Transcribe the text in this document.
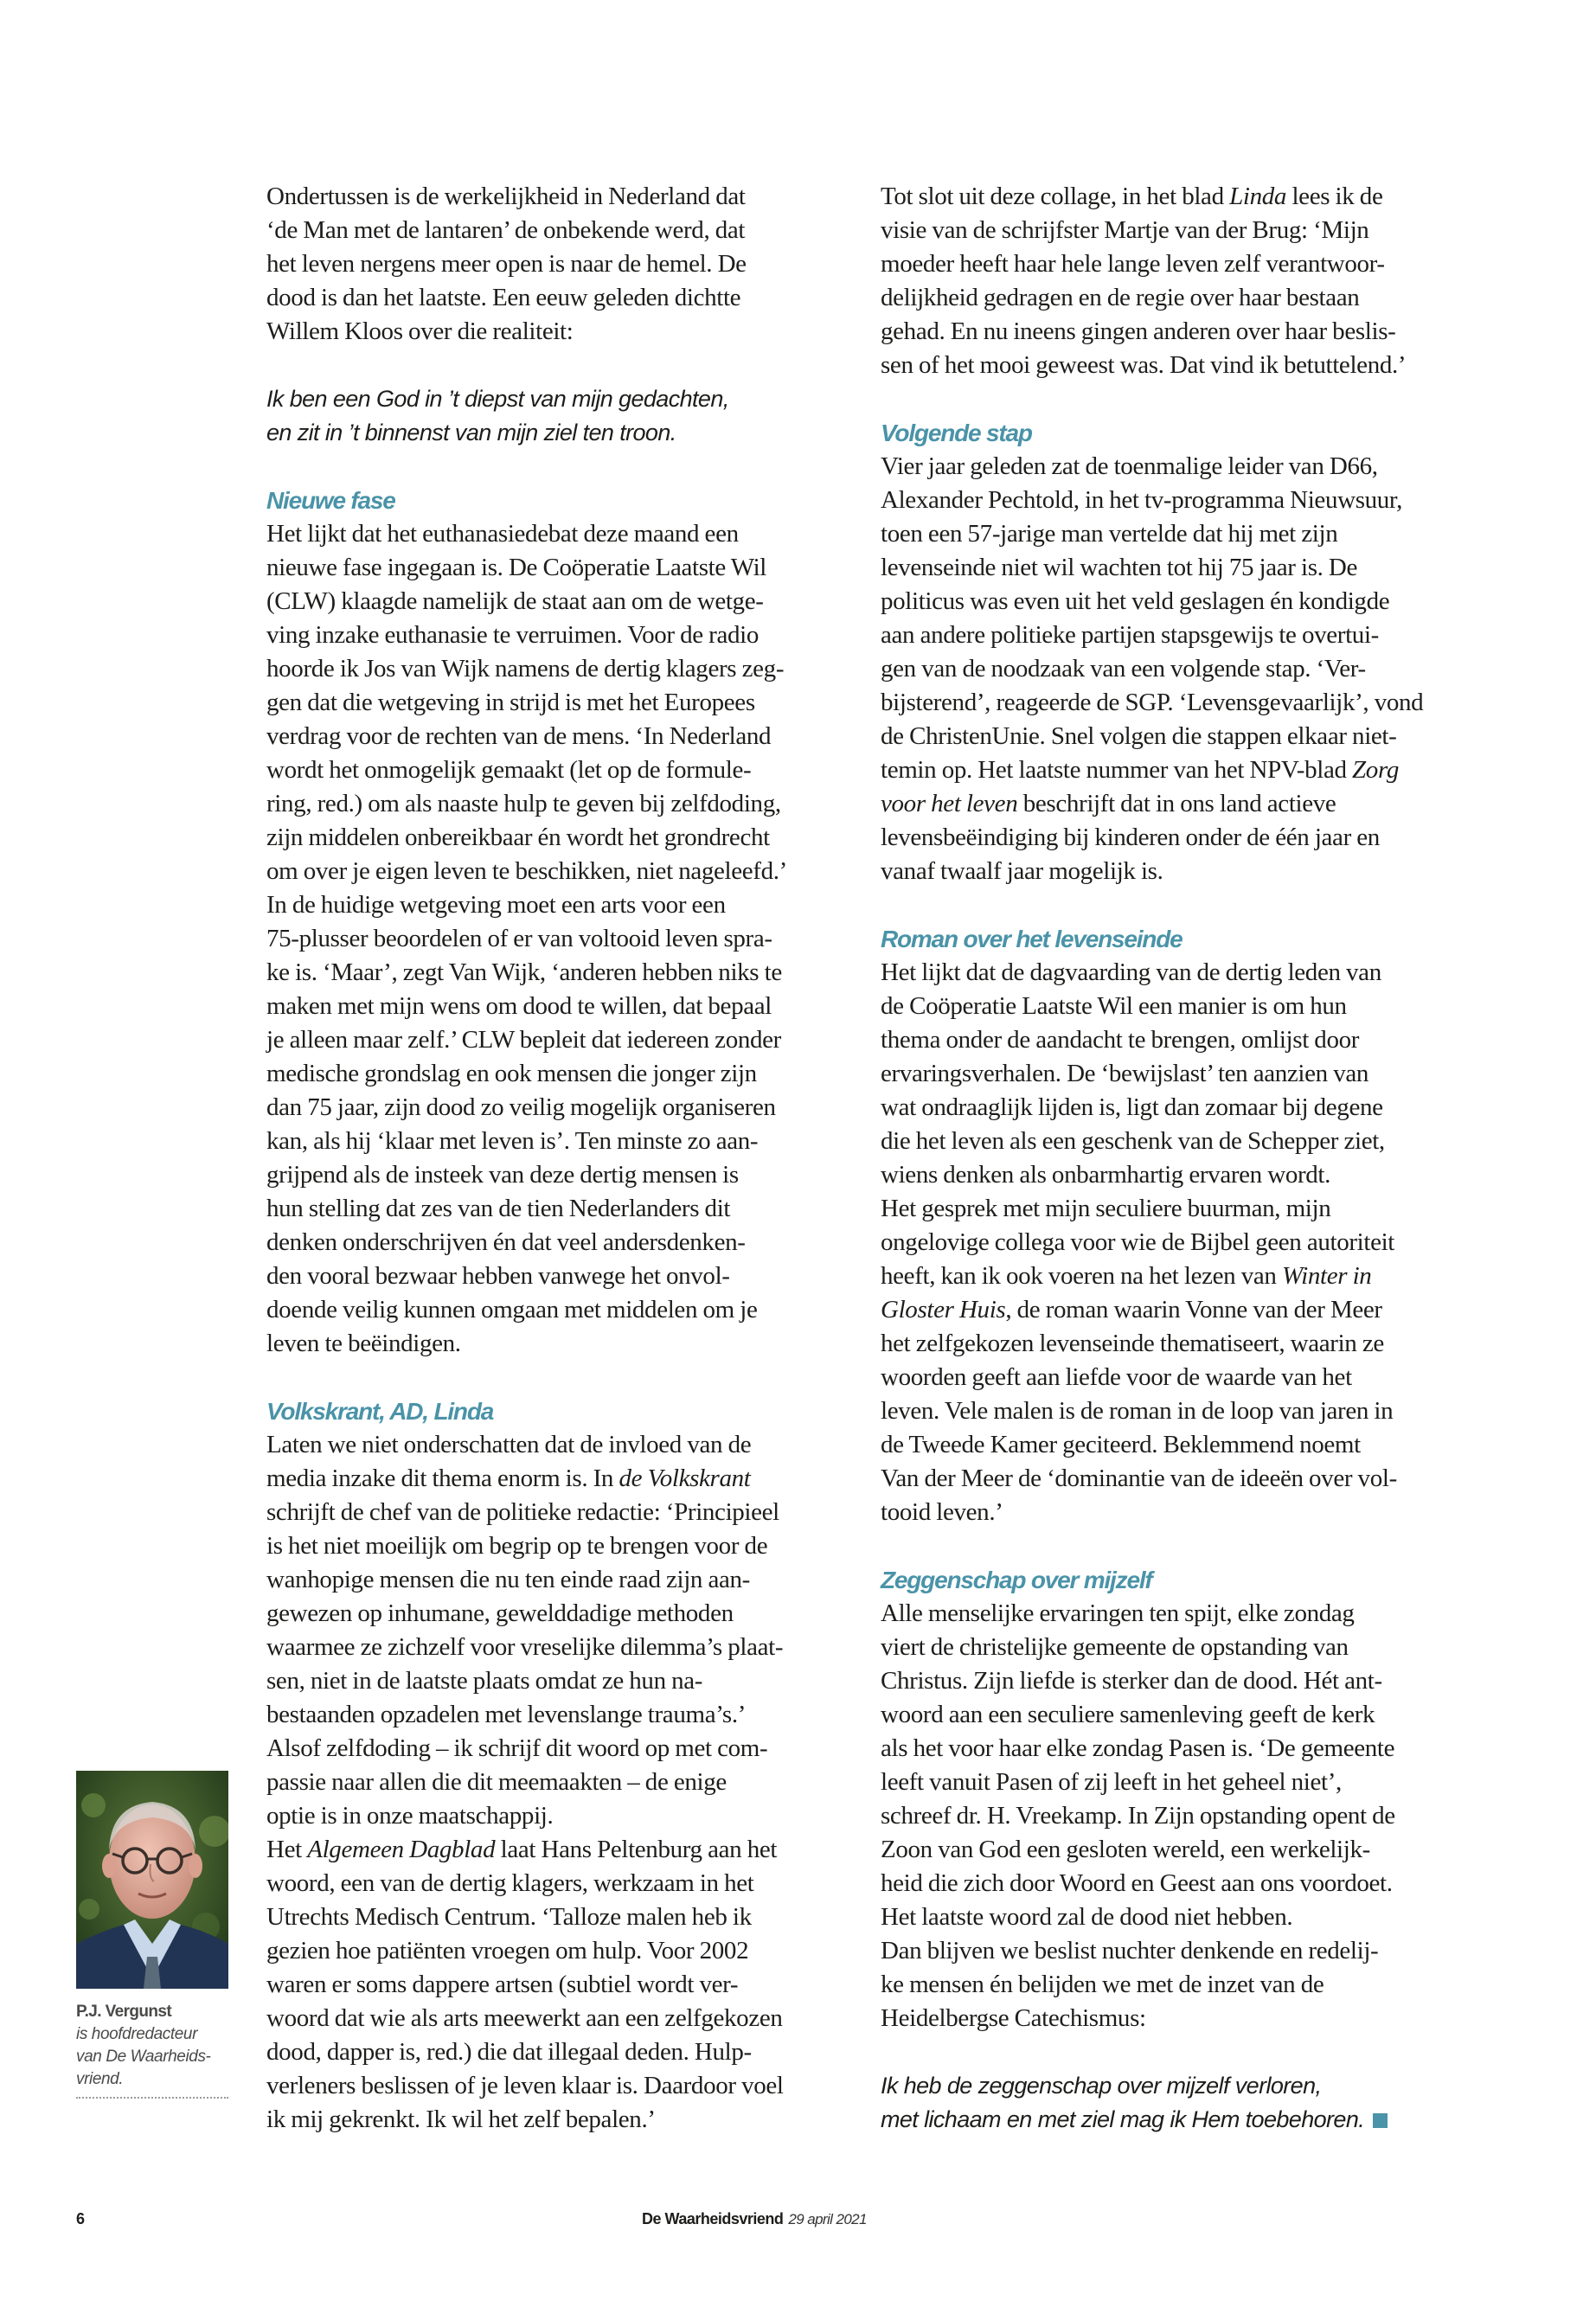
Ondertussen is de werkelijkheid in Nederland dat
‘de Man met de lantaren’ de onbekende werd, dat
het leven nergens meer open is naar de hemel. De
dood is dan het laatste. Een eeuw geleden dichtte
Willem Kloos over die realiteit:
Ik ben een God in ’t diepst van mijn gedachten,
en zit in ’t binnenst van mijn ziel ten troon.
Nieuwe fase
Het lijkt dat het euthanasiedebat deze maand een
nieuwe fase ingegaan is. De Coöperatie Laatste Wil
(CLW) klaagde namelijk de staat aan om de wetge-
ving inzake euthanasie te verruimen. Voor de radio
hoorde ik Jos van Wijk namens de dertig klagers zeg-
gen dat die wetgeving in strijd is met het Europees
verdrag voor de rechten van de mens. ‘In Nederland
wordt het onmogelijk gemaakt (let op de formule-
ring, red.) om als naaste hulp te geven bij zelfdoding,
zijn middelen onbereikbaar én wordt het grondrecht
om over je eigen leven te beschikken, niet nageleefd.’
In de huidige wetgeving moet een arts voor een
75-plusser beoordelen of er van voltooid leven spra-
ke is. ‘Maar’, zegt Van Wijk, ‘anderen hebben niks te
maken met mijn wens om dood te willen, dat bepaal
je alleen maar zelf.’ CLW bepleit dat iedereen zonder
medische grondslag en ook mensen die jonger zijn
dan 75 jaar, zijn dood zo veilig mogelijk organiseren
kan, als hij ‘klaar met leven is’. Ten minste zo aan-
grijpend als de insteek van deze dertig mensen is
hun stelling dat zes van de tien Nederlanders dit
denken onderschrijven én dat veel andersdenken-
den vooral bezwaar hebben vanwege het onvol-
doende veilig kunnen omgaan met middelen om je
leven te beëindigen.
Volkskrant, AD, Linda
Laten we niet onderschatten dat de invloed van de
media inzake dit thema enorm is. In de Volkskrant
schrijft de chef van de politieke redactie: ‘Principieel
is het niet moeilijk om begrip op te brengen voor de
wanhopige mensen die nu ten einde raad zijn aan-
gewezen op inhumane, gewelddadige methoden
waarmee ze zichzelf voor vreselijke dilemma’s plaat-
sen, niet in de laatste plaats omdat ze hun na-
bestaanden opzadelen met levenslange trauma’s.’
Alsof zelfdoding – ik schrijf dit woord op met com-
passie naar allen die dit meemaakten – de enige
optie is in onze maatschappij.
Het Algemeen Dagblad laat Hans Peltenburg aan het
woord, een van de dertig klagers, werkzaam in het
Utrechts Medisch Centrum. ‘Talloze malen heb ik
gezien hoe patiënten vroegen om hulp. Voor 2002
waren er soms dappere artsen (subtiel wordt ver-
woord dat wie als arts meewerkt aan een zelfgekozen
dood, dapper is, red.) die dat illegaal deden. Hulp-
verleners beslissen of je leven klaar is. Daardoor voel
ik mij gekrenkt. Ik wil het zelf bepalen.’
Tot slot uit deze collage, in het blad Linda lees ik de
visie van de schrijfster Martje van der Brug: ‘Mijn
moeder heeft haar hele lange leven zelf verantwoor-
delijkheid gedragen en de regie over haar bestaan
gehad. En nu ineens gingen anderen over haar beslis-
sen of het mooi geweest was. Dat vind ik betuttelend.’
Volgende stap
Vier jaar geleden zat de toenmalige leider van D66,
Alexander Pechtold, in het tv-programma Nieuwsuur,
toen een 57-jarige man vertelde dat hij met zijn
levenseinde niet wil wachten tot hij 75 jaar is. De
politicus was even uit het veld geslagen én kondigde
aan andere politieke partijen stapsgewijs te overtui-
gen van de noodzaak van een volgende stap. ‘Ver-
bijsterend’, reageerde de SGP. ‘Levensgevaarlijk’, vond
de ChristenUnie. Snel volgen die stappen elkaar niet-
temin op. Het laatste nummer van het NPV-blad Zorg
voor het leven beschrijft dat in ons land actieve
levensbeëindiging bij kinderen onder de één jaar en
vanaf twaalf jaar mogelijk is.
Roman over het levenseinde
Het lijkt dat de dagvaarding van de dertig leden van
de Coöperatie Laatste Wil een manier is om hun
thema onder de aandacht te brengen, omlijst door
ervaringsverhalen. De ‘bewijslast’ ten aanzien van
wat ondraaglijk lijden is, ligt dan zomaar bij degene
die het leven als een geschenk van de Schepper ziet,
wiens denken als onbarmhartig ervaren wordt.
Het gesprek met mijn seculiere buurman, mijn
ongelovige collega voor wie de Bijbel geen autoriteit
heeft, kan ik ook voeren na het lezen van Winter in
Gloster Huis, de roman waarin Vonne van der Meer
het zelfgekozen levenseinde thematiseert, waarin ze
woorden geeft aan liefde voor de waarde van het
leven. Vele malen is de roman in de loop van jaren in
de Tweede Kamer geciteerd. Beklemmend noemt
Van der Meer de ‘dominantie van de ideeën over vol-
tooid leven.’
Zeggenschap over mijzelf
Alle menselijke ervaringen ten spijt, elke zondag
viert de christelijke gemeente de opstanding van
Christus. Zijn liefde is sterker dan de dood. Hét ant-
woord aan een seculiere samenleving geeft de kerk
als het voor haar elke zondag Pasen is. ‘De gemeente
leeft vanuit Pasen of zij leeft in het geheel niet’,
schreef dr. H. Vreekamp. In Zijn opstanding opent de
Zoon van God een gesloten wereld, een werkelijk-
heid die zich door Woord en Geest aan ons voordoet.
Het laatste woord zal de dood niet hebben.
Dan blijven we beslist nuchter denkende en redelij-
ke mensen én belijden we met de inzet van de
Heidelbergse Catechismus:
Ik heb de zeggenschap over mijzelf verloren,
met lichaam en met ziel mag ik Hem toebehoren.
P.J. Vergunst
is hoofdredacteur
van De Waarheids-
vriend.
6	De Waarheidsvriend 29 april 2021
